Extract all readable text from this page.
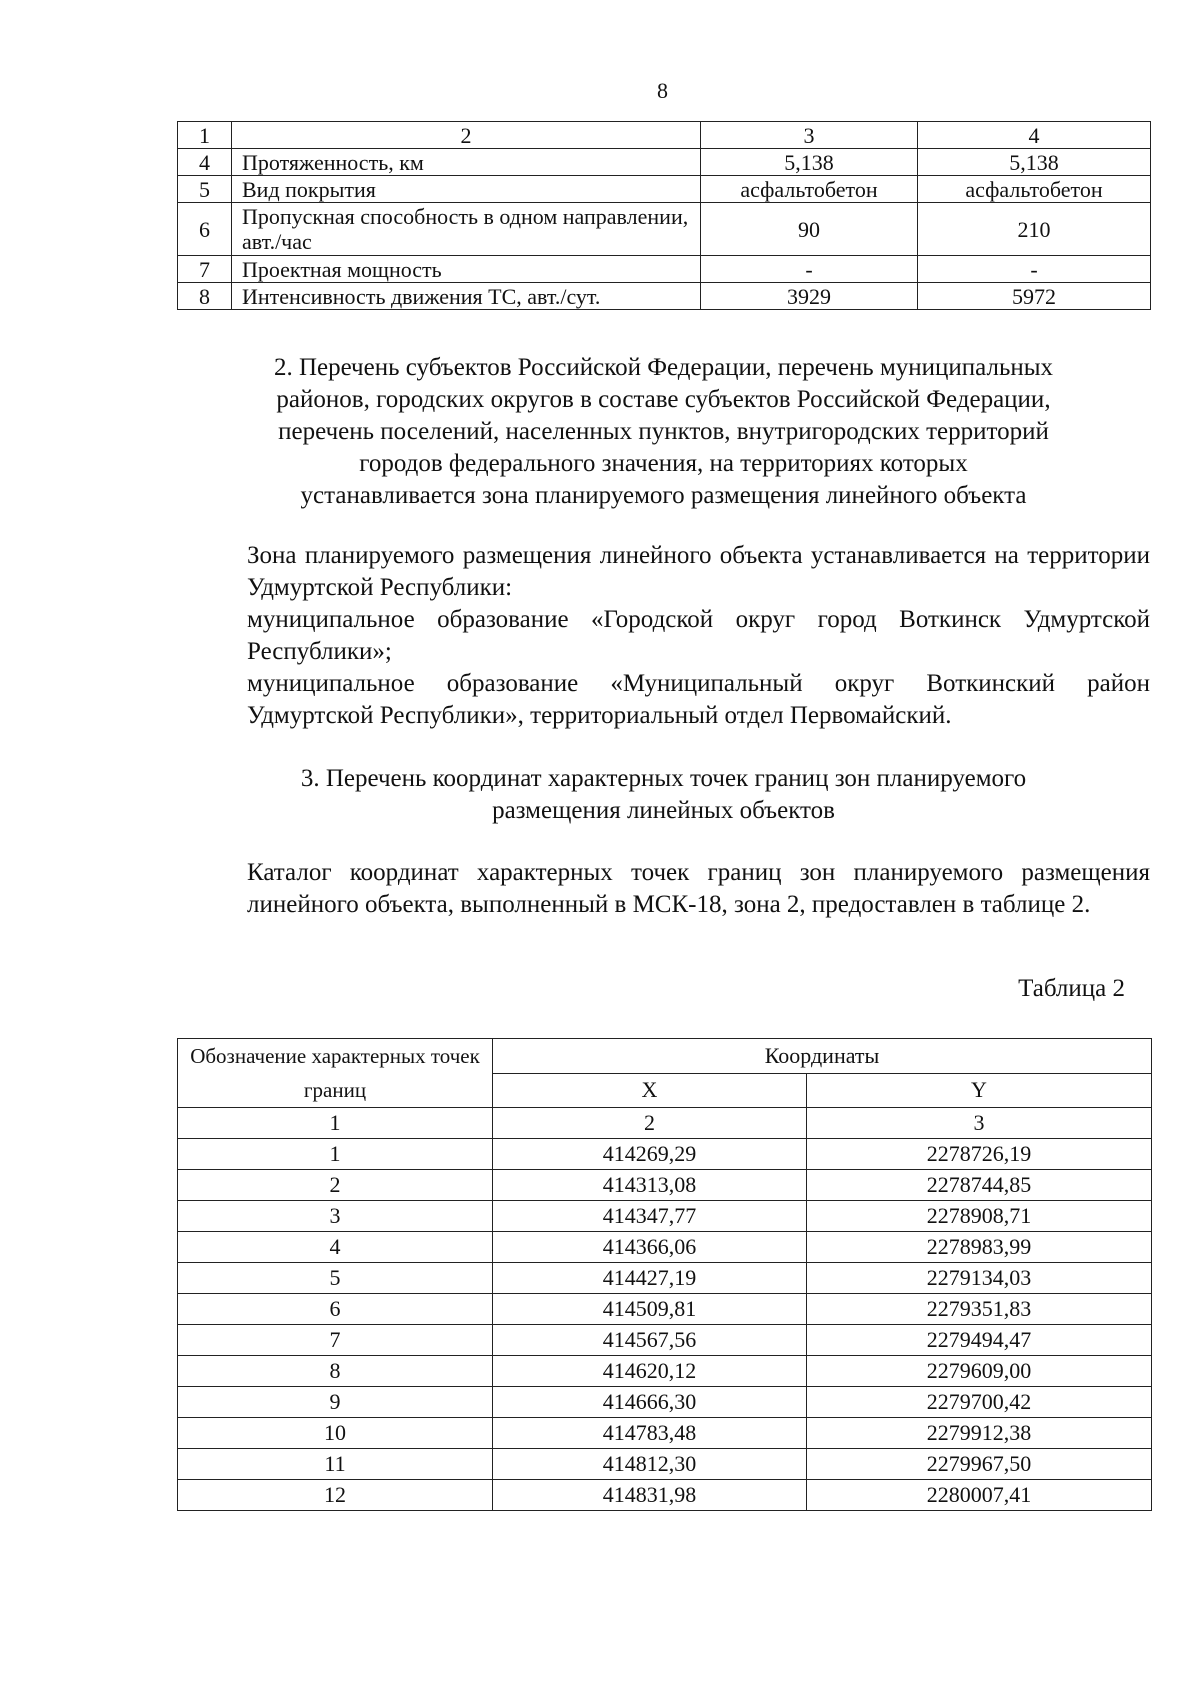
8
1	2	3	4
4	Протяженность, км	5,138	5,138
5	Вид покрытия	асфальтобетон	асфальтобетон
6	Пропускная способность в одном направлении, авт./час	90	210
7	Проектная мощность	-	-
8	Интенсивность движения ТС, авт./сут.	3929	5972
2. Перечень субъектов Российской Федерации, перечень муниципальных
районов, городских округов в составе субъектов Российской Федерации,
перечень поселений, населенных пунктов, внутригородских территорий
городов федерального значения, на территориях которых
устанавливается зона планируемого размещения линейного объекта
Зона планируемого размещения линейного объекта устанавливается на территории Удмуртской Республики:
муниципальное образование «Городской округ город Воткинск Удмуртской Республики»;
муниципальное образование «Муниципальный округ Воткинский район Удмуртской Республики», территориальный отдел Первомайский.
3. Перечень координат характерных точек границ зон планируемого
размещения линейных объектов
Каталог координат характерных точек границ зон планируемого размещения линейного объекта, выполненный в МСК-18, зона 2, предоставлен в таблице 2.
Таблица 2
Обозначение характерных точек границ	Координаты	
	X	Y
1	2	3
1	414269,29	2278726,19
2	414313,08	2278744,85
3	414347,77	2278908,71
4	414366,06	2278983,99
5	414427,19	2279134,03
6	414509,81	2279351,83
7	414567,56	2279494,47
8	414620,12	2279609,00
9	414666,30	2279700,42
10	414783,48	2279912,38
11	414812,30	2279967,50
12	414831,98	2280007,41
